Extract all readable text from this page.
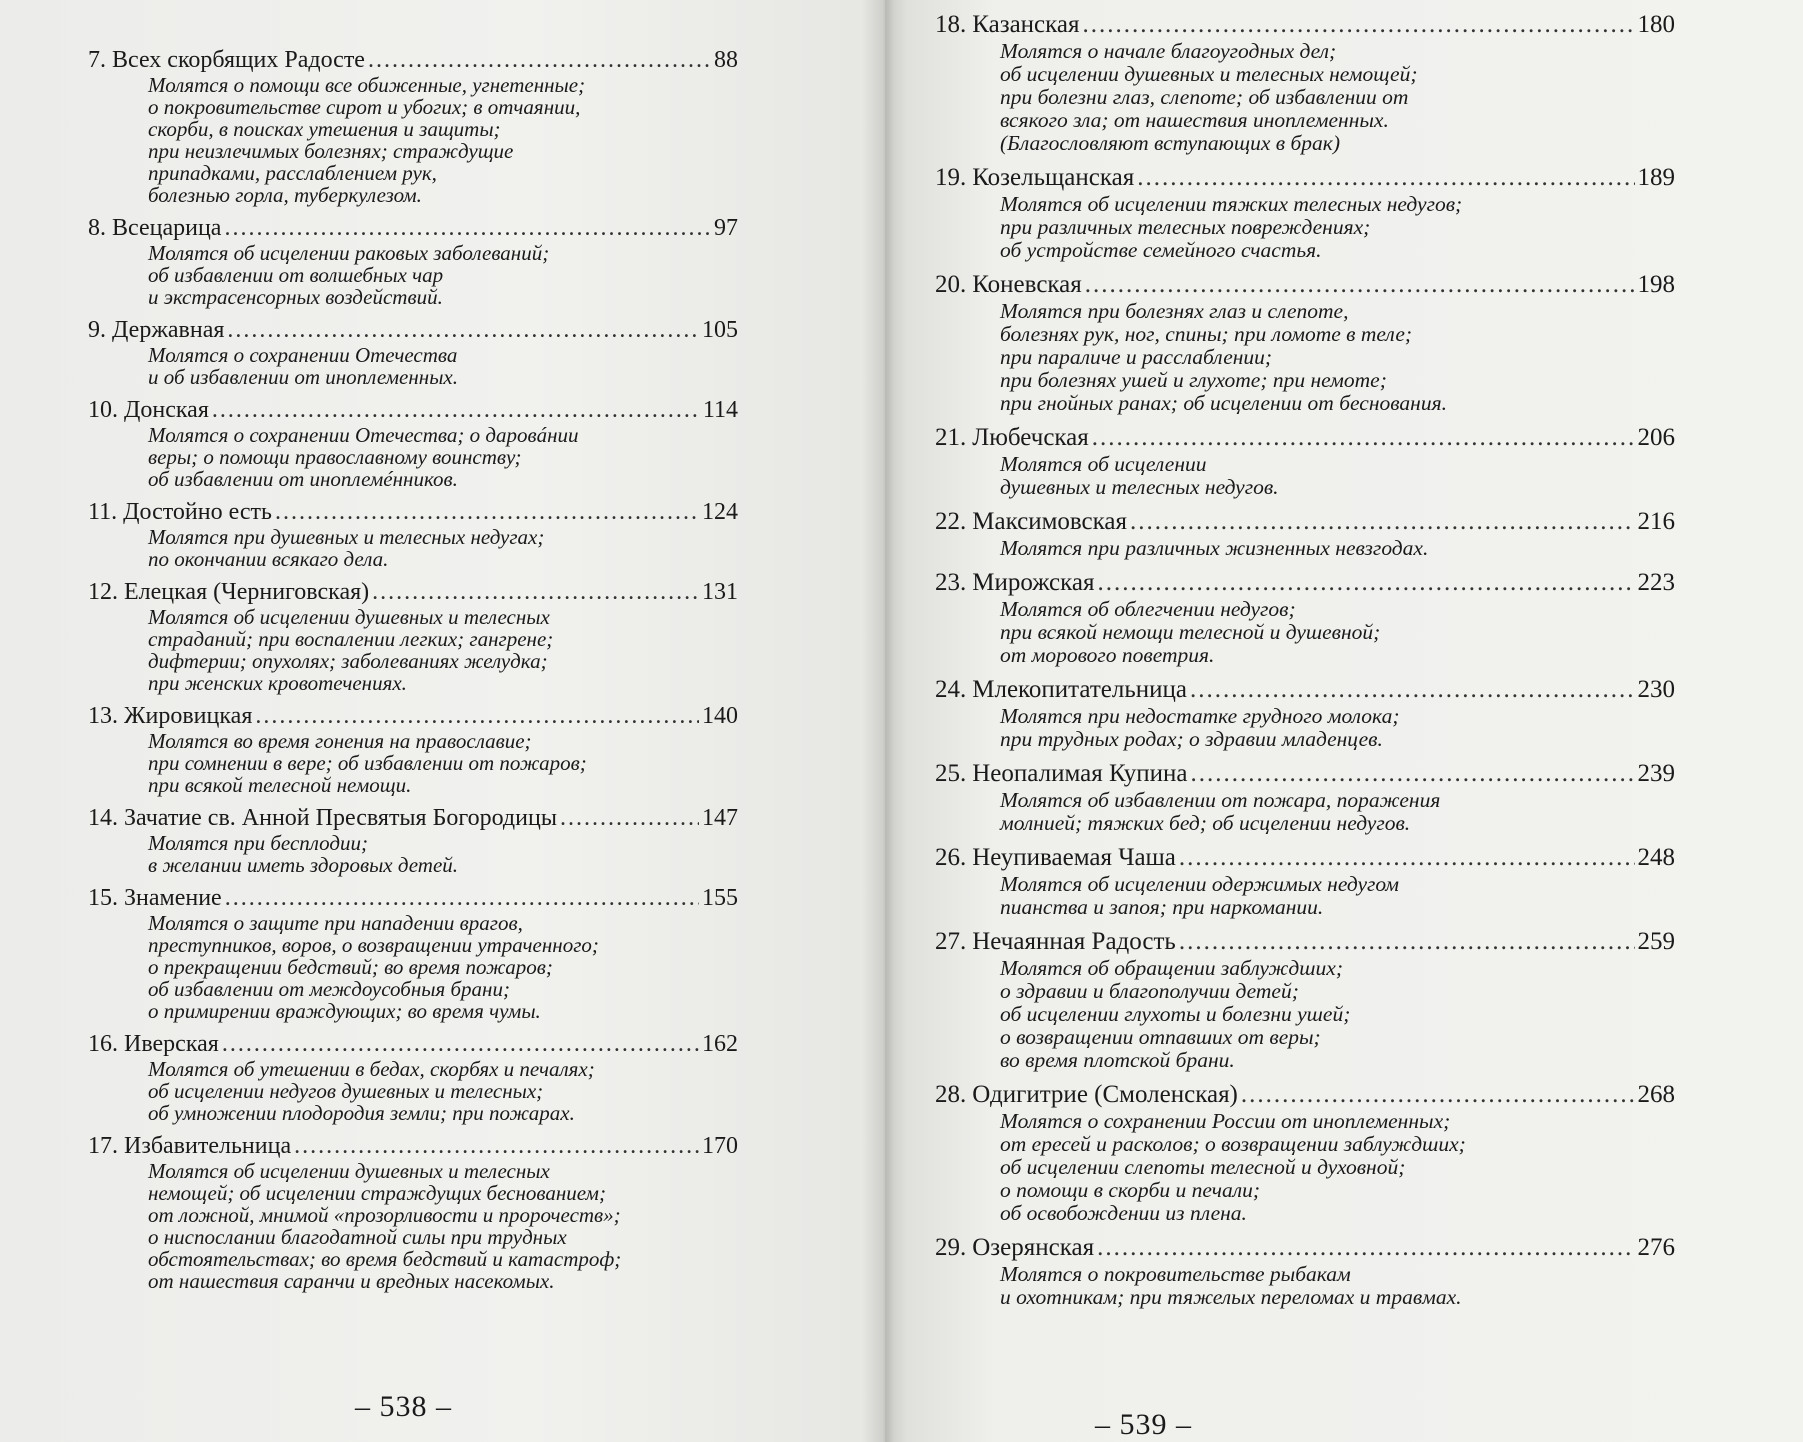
7. Всех скорбящих Радосте .....	88
Молятся о помощи все обиженные, угнетенные;
о покровительстве сирот и убогих; в отчаянии,
скорби, в поисках утешения и защиты;
при неизлечимых болезнях; страждущие
припадками, расслаблением рук,
болезнью горла, туберкулезом.
8. Всецарица .....	97
Молятся об исцелении раковых заболеваний;
об избавлении от волшебных чар
и экстрасенсорных воздействий.
9. Державная .....	105
Молятся о сохранении Отечества
и об избавлении от иноплеменных.
10. Донская .....	114
Молятся о сохранении Отечества; о даровáнии
веры; о помощи православному воинству;
об избавлении от иноплемéнников.
11. Достойно есть .....	124
Молятся при душевных и телесных недугах;
по окончании всякаго дела.
12. Елецкая (Черниговская) .....	131
Молятся об исцелении душевных и телесных
страданий; при воспалении легких; гангрене;
дифтерии; опухолях; заболеваниях желудка;
при женских кровотечениях.
13. Жировицкая .....	140
Молятся во время гонения на православие;
при сомнении в вере; об избавлении от пожаров;
при всякой телесной немощи.
14. Зачатие св. Анной Пресвятыя Богородицы .....	147
Молятся при бесплодии;
в желании иметь здоровых детей.
15. Знамение .....	155
Молятся о защите при нападении врагов,
преступников, воров, о возвращении утраченного;
о прекращении бедствий; во время пожаров;
об избавлении от междоусобныя брани;
о примирении враждующих; во время чумы.
16. Иверская .....	162
Молятся об утешении в бедах, скорбях и печалях;
об исцелении недугов душевных и телесных;
об умножении плодородия земли; при пожарах.
17. Избавительница .....	170
Молятся об исцелении душевных и телесных
немощей; об исцелении страждущих беснованием;
от ложной, мнимой «прозорливости и пророчеств»;
о ниспослании благодатной силы при трудных
обстоятельствах; во время бедствий и катастроф;
от нашествия саранчи и вредных насекомых.
– 538 –
18. Казанская .....	180
Молятся о начале благоугодных дел;
об исцелении душевных и телесных немощей;
при болезни глаз, слепоте; об избавлении от
всякого зла; от нашествия иноплеменных.
(Благословляют вступающих в брак)
19. Козельщанская .....	189
Молятся об исцелении тяжких телесных недугов;
при различных телесных повреждениях;
об устройстве семейного счастья.
20. Коневская .....	198
Молятся при болезнях глаз и слепоте,
болезнях рук, ног, спины; при ломоте в теле;
при параличе и расслаблении;
при болезнях ушей и глухоте; при немоте;
при гнойных ранах; об исцелении от беснования.
21. Любечская .....	206
Молятся об исцелении
душевных и телесных недугов.
22. Максимовская .....	216
Молятся при различных жизненных невзгодах.
23. Мирожская .....	223
Молятся об облегчении недугов;
при всякой немощи телесной и душевной;
от морового поветрия.
24. Млекопитательница .....	230
Молятся при недостатке грудного молока;
при трудных родах; о здравии младенцев.
25. Неопалимая Купина .....	239
Молятся об избавлении от пожара, поражения
молнией; тяжких бед; об исцелении недугов.
26. Неупиваемая Чаша .....	248
Молятся об исцелении одержимых недугом
пианства и запоя; при наркомании.
27. Нечаянная Радость .....	259
Молятся об обращении заблуждших;
о здравии и благополучии детей;
об исцелении глухоты и болезни ушей;
о возвращении отпавших от веры;
во время плотской брани.
28. Одигитрие (Смоленская) .....	268
Молятся о сохранении России от иноплеменных;
от ересей и расколов; о возвращении заблуждших;
об исцелении слепоты телесной и духовной;
о помощи в скорби и печали;
об освобождении из плена.
29. Озерянская .....	276
Молятся о покровительстве рыбакам
и охотникам; при тяжелых переломах и травмах.
– 539 –
